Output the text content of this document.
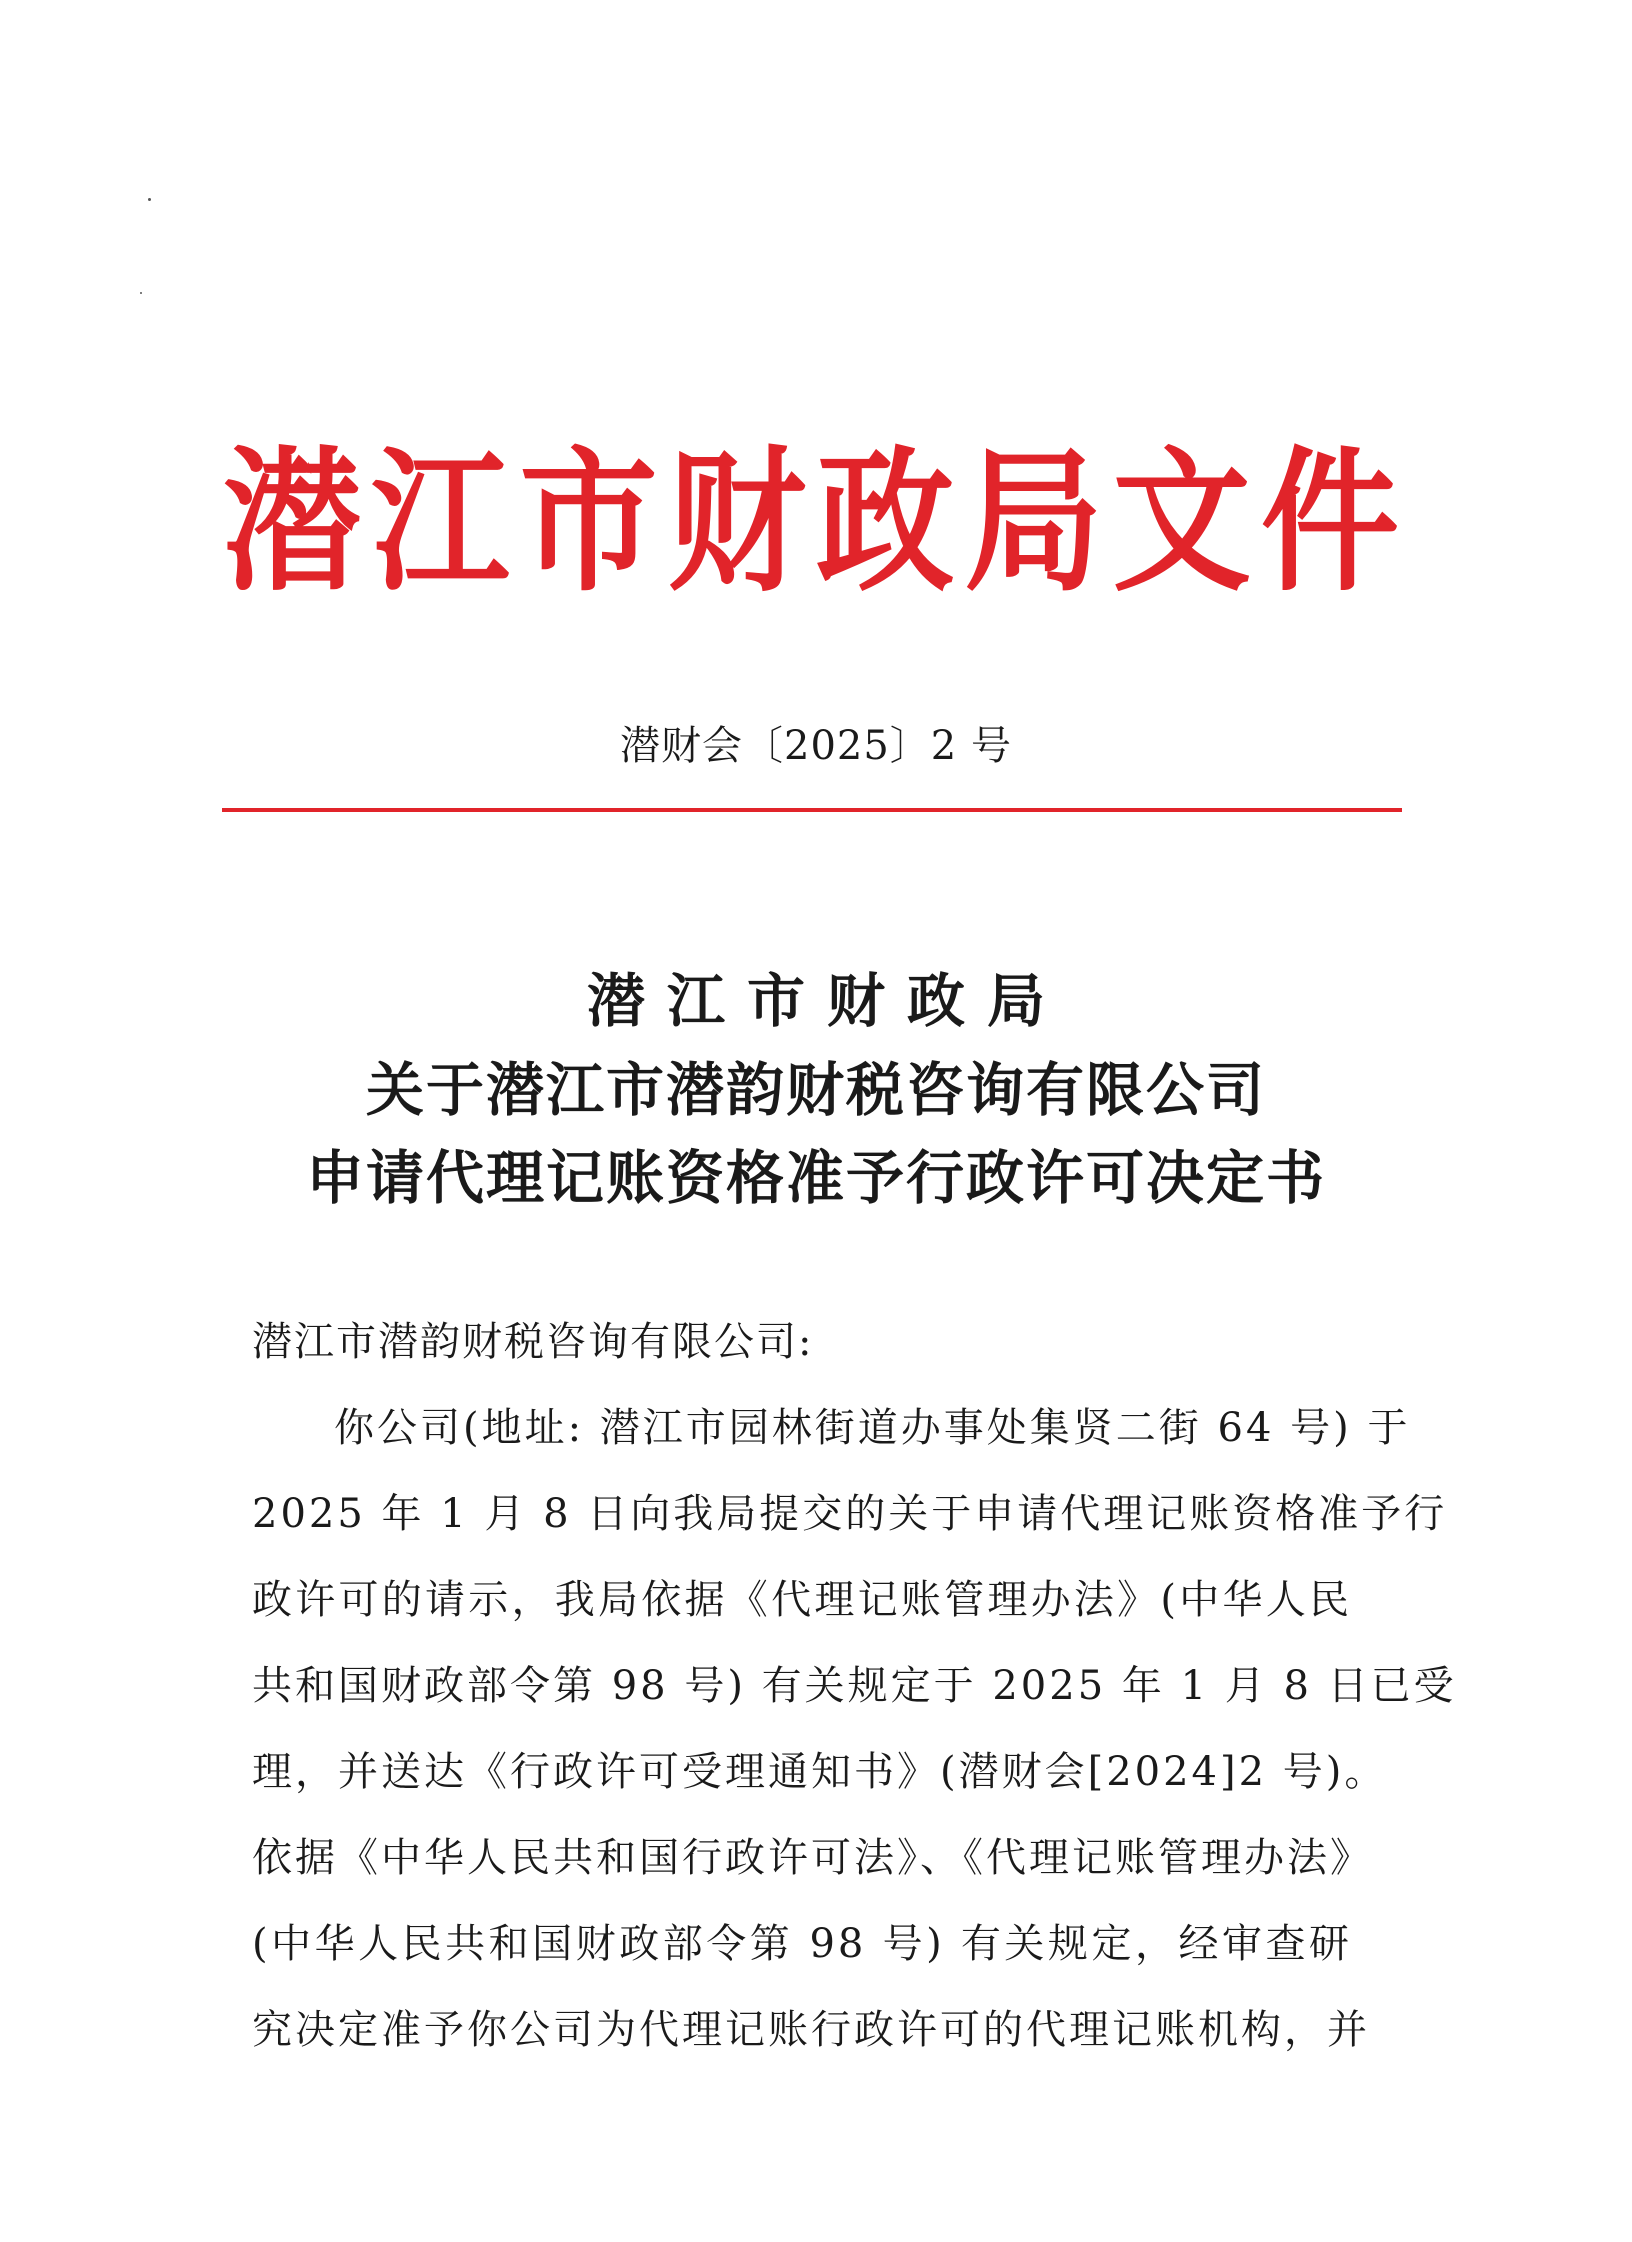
潜 江 市 财 政 局 文 件
潜财会〔2025〕2 号
潜江市财政局
关于潜江市潜韵财税咨询有限公司
申请代理记账资格准予行政许可决定书
潜江市潜韵财税咨询有限公司:
你公司(地址: 潜江市园林街道办事处集贤二街 64 号) 于
2025 年 1 月 8 日向我局提交的关于申请代理记账资格准予行
政许可的请示，我局依据《代理记账管理办法》(中华人民
共和国财政部令第 98 号) 有关规定于 2025 年 1 月 8 日已受
理，并送达《行政许可受理通知书》(潜财会[2024]2 号)。
依据《中华人民共和国行政许可法》、《代理记账管理办法》
(中华人民共和国财政部令第 98 号) 有关规定，经审查研
究决定准予你公司为代理记账行政许可的代理记账机构，并
